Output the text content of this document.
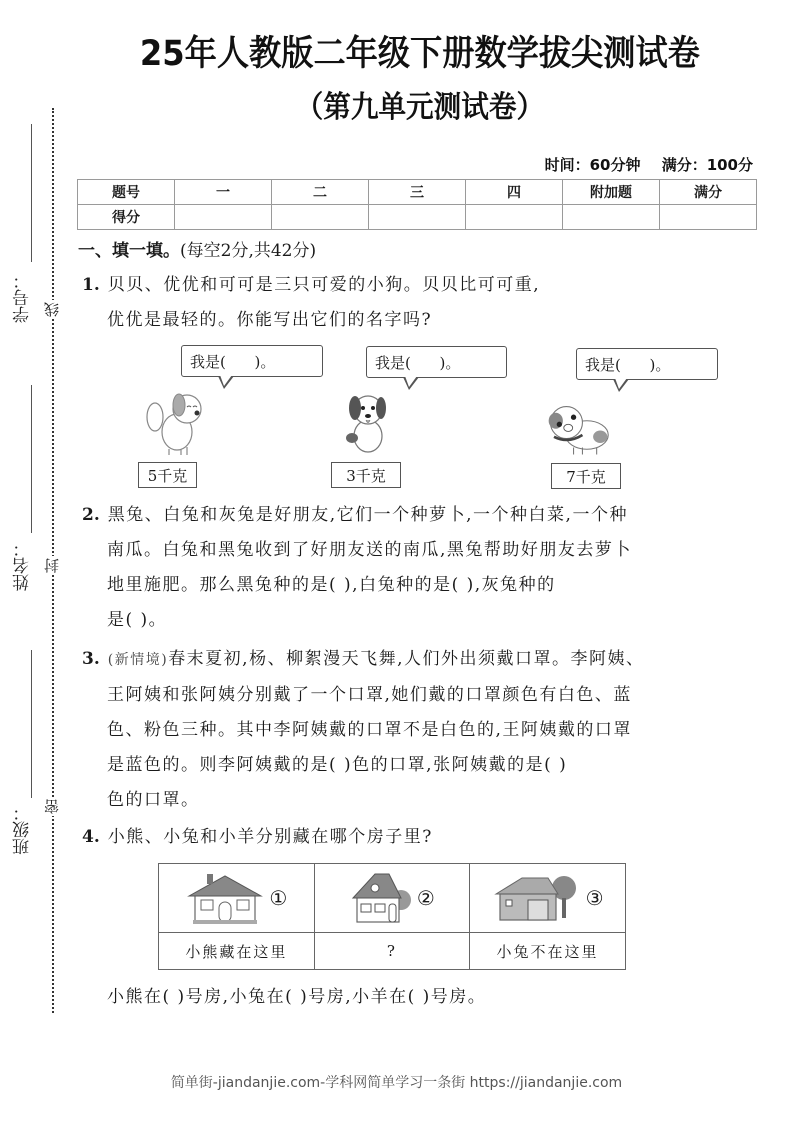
25年人教版二年级下册数学拔尖测试卷
（第九单元测试卷）
时间：60分钟 满分：100分
题号	一	二	三	四	附加题	满分
得分						
学号：
姓名：
班级：
线
封
密
一、填一填。(每空2分,共42分)
1. 贝贝、优优和可可是三只可爱的小狗。贝贝比可可重,
优优是最轻的。你能写出它们的名字吗?
我是(      )。
5千克
我是(      )。
3千克
我是(      )。
7千克
2. 黑兔、白兔和灰兔是好朋友,它们一个种萝卜,一个种白菜,一个种
南瓜。白兔和黑兔收到了好朋友送的南瓜,黑兔帮助好朋友去萝卜
地里施肥。那么黑兔种的是( ),白兔种的是( ),灰兔种的
是( )。
3. (新情境)春末夏初,杨、柳絮漫天飞舞,人们外出须戴口罩。李阿姨、
王阿姨和张阿姨分别戴了一个口罩,她们戴的口罩颜色有白色、蓝
色、粉色三种。其中李阿姨戴的口罩不是白色的,王阿姨戴的口罩
是蓝色的。则李阿姨戴的是( )色的口罩,张阿姨戴的是( )
色的口罩。
4. 小熊、小兔和小羊分别藏在哪个房子里?
①	②	③
小熊藏在这里	?	小兔不在这里
小熊在( )号房,小兔在( )号房,小羊在( )号房。
简单街-jiandanjie.com-学科网简单学习一条街 https://jiandanjie.com
